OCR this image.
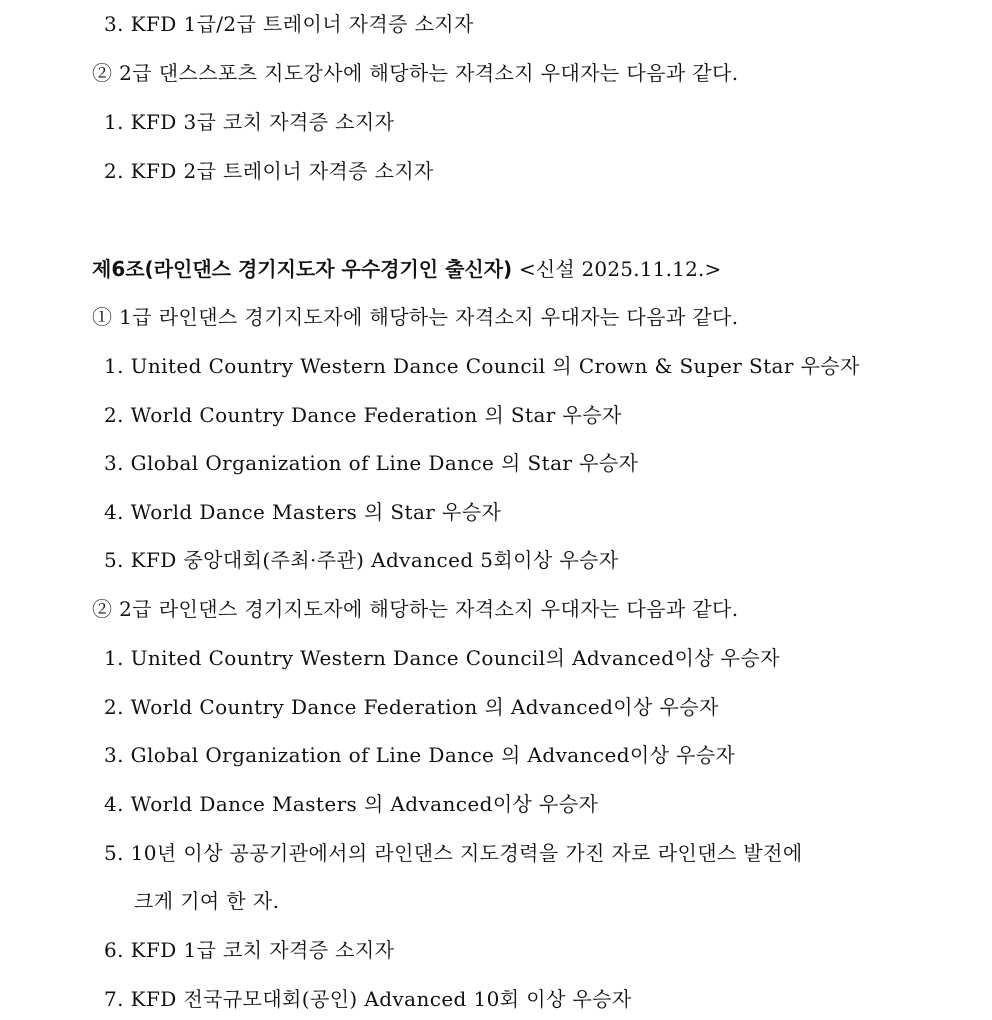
3. KFD 1급/2급 트레이너 자격증 소지자
② 2급 댄스스포츠 지도강사에 해당하는 자격소지 우대자는 다음과 같다.
1. KFD 3급 코치 자격증 소지자
2. KFD 2급 트레이너 자격증 소지자
제6조(라인댄스 경기지도자 우수경기인 출신자) <신설 2025.11.12.>
① 1급 라인댄스 경기지도자에 해당하는 자격소지 우대자는 다음과 같다.
1. United Country Western Dance Council 의 Crown & Super Star 우승자
2. World Country Dance Federation 의 Star 우승자
3. Global Organization of Line Dance 의 Star 우승자
4. World Dance Masters 의 Star 우승자
5. KFD 중앙대회(주최·주관) Advanced 5회이상 우승자
② 2급 라인댄스 경기지도자에 해당하는 자격소지 우대자는 다음과 같다.
1. United Country Western Dance Council의 Advanced이상 우승자
2. World Country Dance Federation 의 Advanced이상 우승자
3. Global Organization of Line Dance 의 Advanced이상 우승자
4. World Dance Masters 의 Advanced이상 우승자
5. 10년 이상 공공기관에서의 라인댄스 지도경력을 가진 자로 라인댄스 발전에
크게 기여 한 자.
6. KFD 1급 코치 자격증 소지자
7. KFD 전국규모대회(공인) Advanced 10회 이상 우승자
